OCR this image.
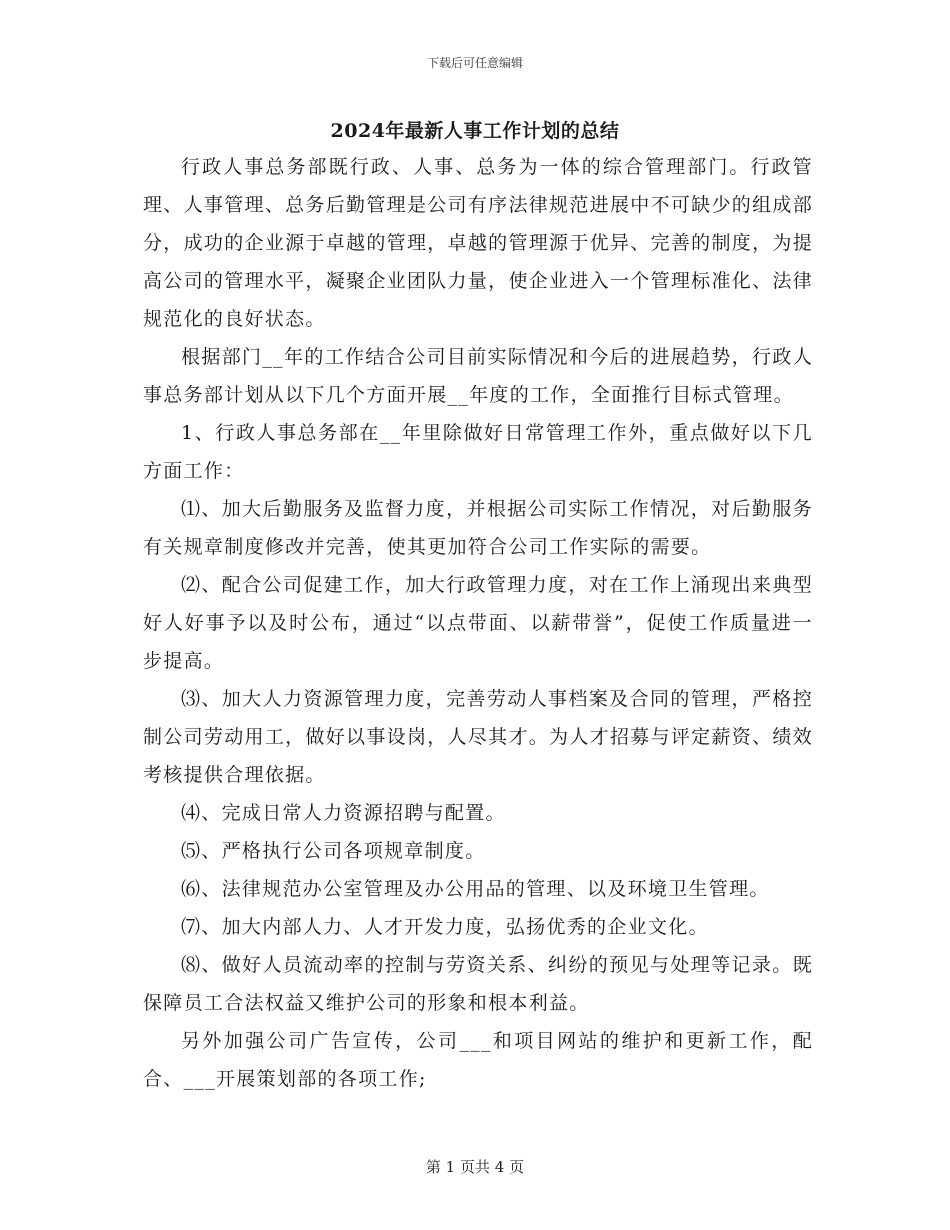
下载后可任意编辑
2024年最新人事工作计划的总结

行政人事总务部既行政、人事、总务为一体的综合管理部门。行政管理、人事管理、总务后勤管理是公司有序法律规范进展中不可缺少的组成部分，成功的企业源于卓越的管理，卓越的管理源于优异、完善的制度，为提高公司的管理水平，凝聚企业团队力量，使企业进入一个管理标准化、法律规范化的良好状态。

根据部门__年的工作结合公司目前实际情况和今后的进展趋势，行政人事总务部计划从以下几个方面开展__年度的工作，全面推行目标式管理。

1、行政人事总务部在__年里除做好日常管理工作外，重点做好以下几方面工作：

⑴、加大后勤服务及监督力度，并根据公司实际工作情况，对后勤服务有关规章制度修改并完善，使其更加符合公司工作实际的需要。

⑵、配合公司促建工作，加大行政管理力度，对在工作上涌现出来典型好人好事予以及时公布，通过“以点带面、以薪带誉”，促使工作质量进一步提高。

⑶、加大人力资源管理力度，完善劳动人事档案及合同的管理，严格控制公司劳动用工，做好以事设岗，人尽其才。为人才招募与评定薪资、绩效考核提供合理依据。

⑷、完成日常人力资源招聘与配置。

⑸、严格执行公司各项规章制度。

⑹、法律规范办公室管理及办公用品的管理、以及环境卫生管理。

⑺、加大内部人力、人才开发力度，弘扬优秀的企业文化。

⑻、做好人员流动率的控制与劳资关系、纠纷的预见与处理等记录。既保障员工合法权益又维护公司的形象和根本利益。

另外加强公司广告宣传，公司___和项目网站的维护和更新工作，配合、___开展策划部的各项工作;

第 1 页共 4 页
